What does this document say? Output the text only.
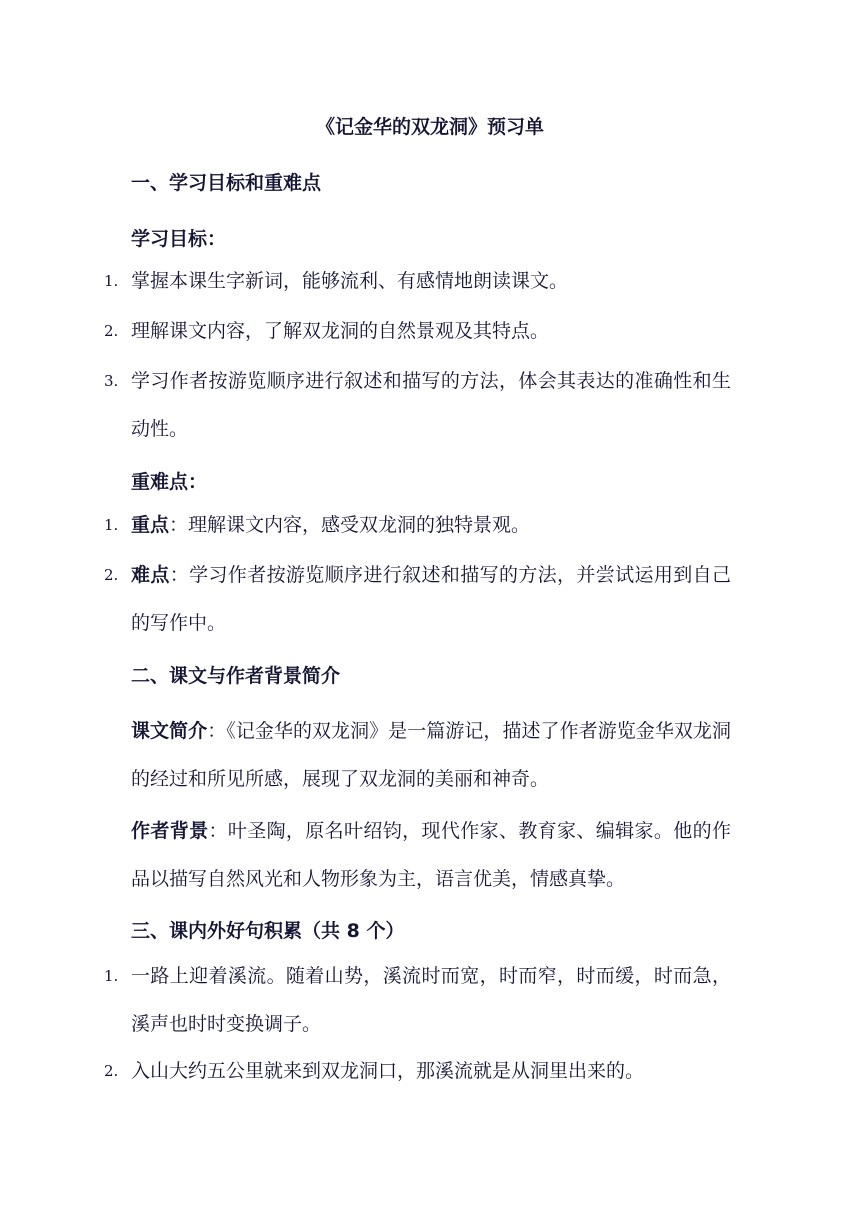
《记金华的双龙洞》预习单
一、学习目标和重难点
学习目标：
1. 掌握本课生字新词，能够流利、有感情地朗读课文。
2. 理解课文内容，了解双龙洞的自然景观及其特点。
3. 学习作者按游览顺序进行叙述和描写的方法，体会其表达的准确性和生动性。
重难点：
1. 重点：理解课文内容，感受双龙洞的独特景观。
2. 难点：学习作者按游览顺序进行叙述和描写的方法，并尝试运用到自己的写作中。
二、课文与作者背景简介
课文简介：《记金华的双龙洞》是一篇游记，描述了作者游览金华双龙洞的经过和所见所感，展现了双龙洞的美丽和神奇。
作者背景：叶圣陶，原名叶绍钧，现代作家、教育家、编辑家。他的作品以描写自然风光和人物形象为主，语言优美，情感真挚。
三、课内外好句积累（共 8 个）
1. 一路上迎着溪流。随着山势，溪流时而宽，时而窄，时而缓，时而急，溪声也时时变换调子。
2. 入山大约五公里就来到双龙洞口，那溪流就是从洞里出来的。
